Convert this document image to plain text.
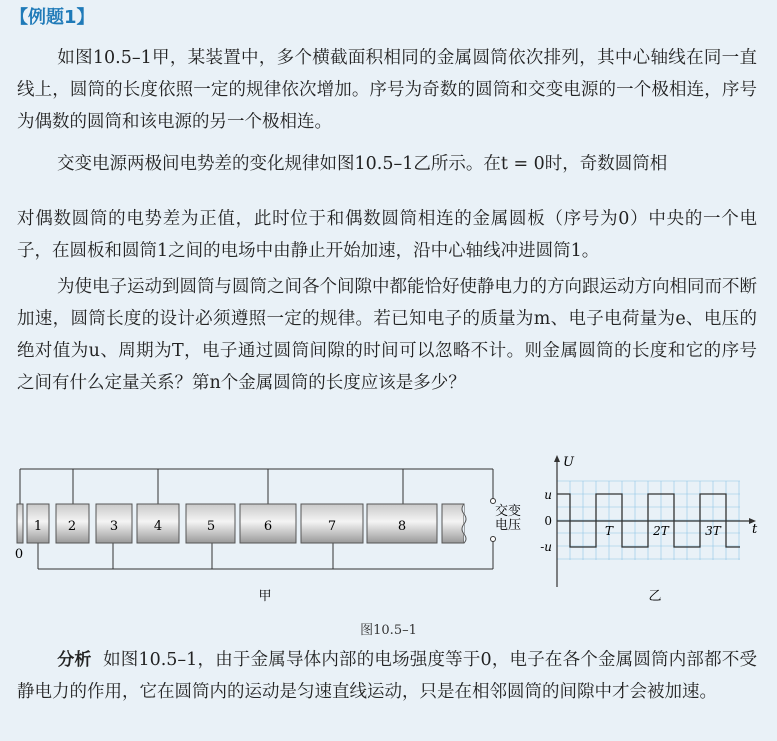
【例题1】
如图10.5–1甲，某装置中，多个横截面积相同的金属圆筒依次排列，其中心轴线在同一直线上，圆筒的长度依照一定的规律依次增加。序号为奇数的圆筒和交变电源的一个极相连，序号为偶数的圆筒和该电源的另一个极相连。
交变电源两极间电势差的变化规律如图10.5–1乙所示。在t = 0时，奇数圆筒相
对偶数圆筒的电势差为正值，此时位于和偶数圆筒相连的金属圆板（序号为0）中央的一个电子，在圆板和圆筒1之间的电场中由静止开始加速，沿中心轴线冲进圆筒1。
为使电子运动到圆筒与圆筒之间各个间隙中都能恰好使静电力的方向跟运动方向相同而不断加速，圆筒长度的设计必须遵照一定的规律。若已知电子的质量为m、电子电荷量为e、电压的绝对值为u、周期为T，电子通过圆筒间隙的时间可以忽略不计。则金属圆筒的长度和它的序号之间有什么定量关系？第n个金属圆筒的长度应该是多少？
0
1 2	3	4	5	6	7	8
交变
电压
甲
U
t
u
0
-u
T	2T	3T
乙
图10.5–1
分析 如图10.5–1，由于金属导体内部的电场强度等于0，电子在各个金属圆筒内部都不受静电力的作用，它在圆筒内的运动是匀速直线运动，只是在相邻圆筒的间隙中才会被加速。
